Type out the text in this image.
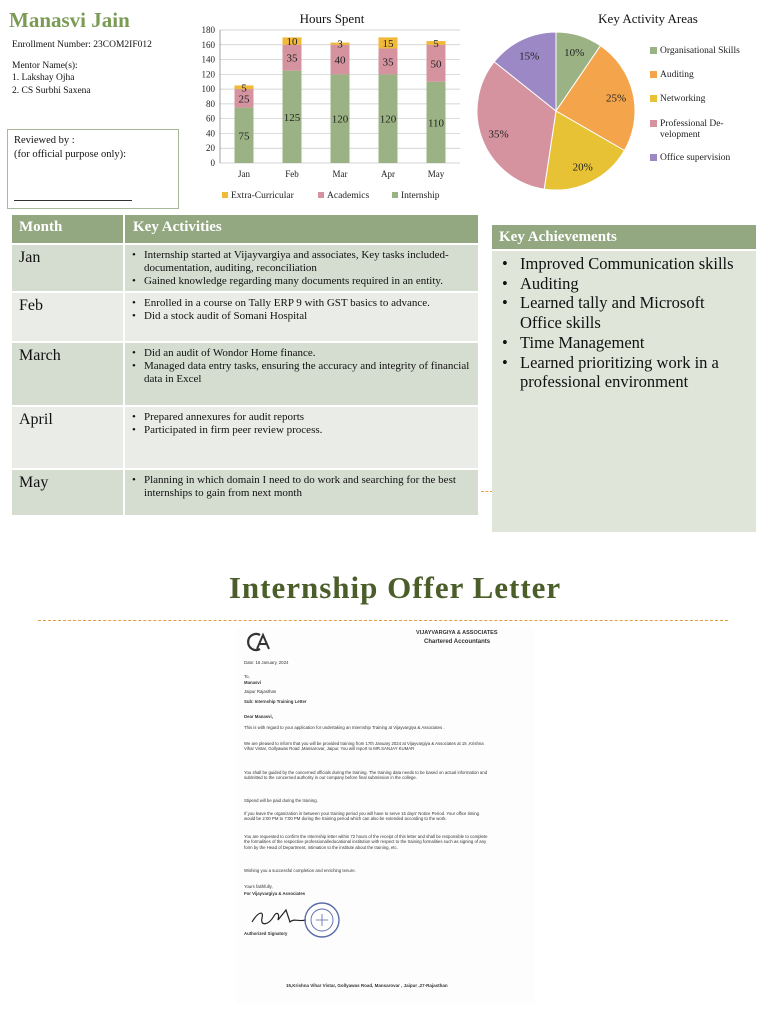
Manasvi Jain
Enrollment Number: 23COM2IF012
Mentor Name(s):
1. Lakshay Ojha
2. CS Surbhi Saxena
Reviewed by :
(for official purpose only):
Hours Spent
0
20
40
60
80
100
120
140
160
180
75
25
5
Jan
125
35
10
Feb
120
40
3
Mar
120
35
15
Apr
110
50
5
May
Extra-Curricular	Academics	Internship
Key Activity Areas
10%
25%
20%
35%
15%	Organisational Skills
Auditing
Networking
Professional De-
velopment
Office supervision
Month	Key Activities
Jan	• Internship started at Vijayvargiya and associates, Key tasks included- documentation, auditing, reconciliation
• Gained knowledge regarding many documents required in an entity.
Feb	• Enrolled in a course on Tally ERP 9 with GST basics to advance.
• Did a stock audit of Somani Hospital
March	• Did an audit of Wondor Home finance.
• Managed data entry tasks, ensuring the accuracy and integrity of financial data in Excel
April	• Prepared annexures for audit reports
• Participated in firm peer review process.
May	• Planning in which domain I need to do work and searching for the best internships to gain from next month
Key Achievements
• Improved Communication skills
• Auditing
• Learned tally and Microsoft Office skills
• Time Management
• Learned prioritizing work in a professional environment
Internship Offer Letter
VIJAYVARGIYA & ASSOCIATES
Chartered Accountants
Date: 16 January, 2024
To,
Manasvi
Jaipur Rajasthan
Sub: Internship Training Letter
Dear Manasvi,
This is with regard to your application for undertaking an Internship Training at Vijayvargiya & Associates .
We are pleased to inform that you will be provided training from 17th January 2024 at Vijayvargiya & Associates at 15 ,Krishna Vihar Vistar, Gollyawas Road ,Mansarovar, Jaipur. You will report to MR.SANJAY KUMAR
You shall be guided by the concerned officials during the training. The training data needs to be based on actual information and submitted to the concerned authority in our company before final submission in the college.
Stipend will be paid during the training.
If you leave the organization in between your training period you will have to serve 15 days' Notice Period. Your office timing would be 2:00 PM to 7:00 PM during the training period which can also be extended according to the work.
You are requested to confirm the Internship letter within 72 hours of the receipt of this letter and shall be responsible to complete the formalities of the respective professional/educational institution with respect to the training formalities such as signing of any form by the Head of Department, intimation to the institute about the training, etc.
Wishing you a successful completion and enriching tenure.
Yours faithfully,
For Vijayvargiya & Associates
Authorized Signatory
15,Krishna Vihar Vistar, Gollyawas Road, Mansarovar , Jaipur ,27-Rajasthan
